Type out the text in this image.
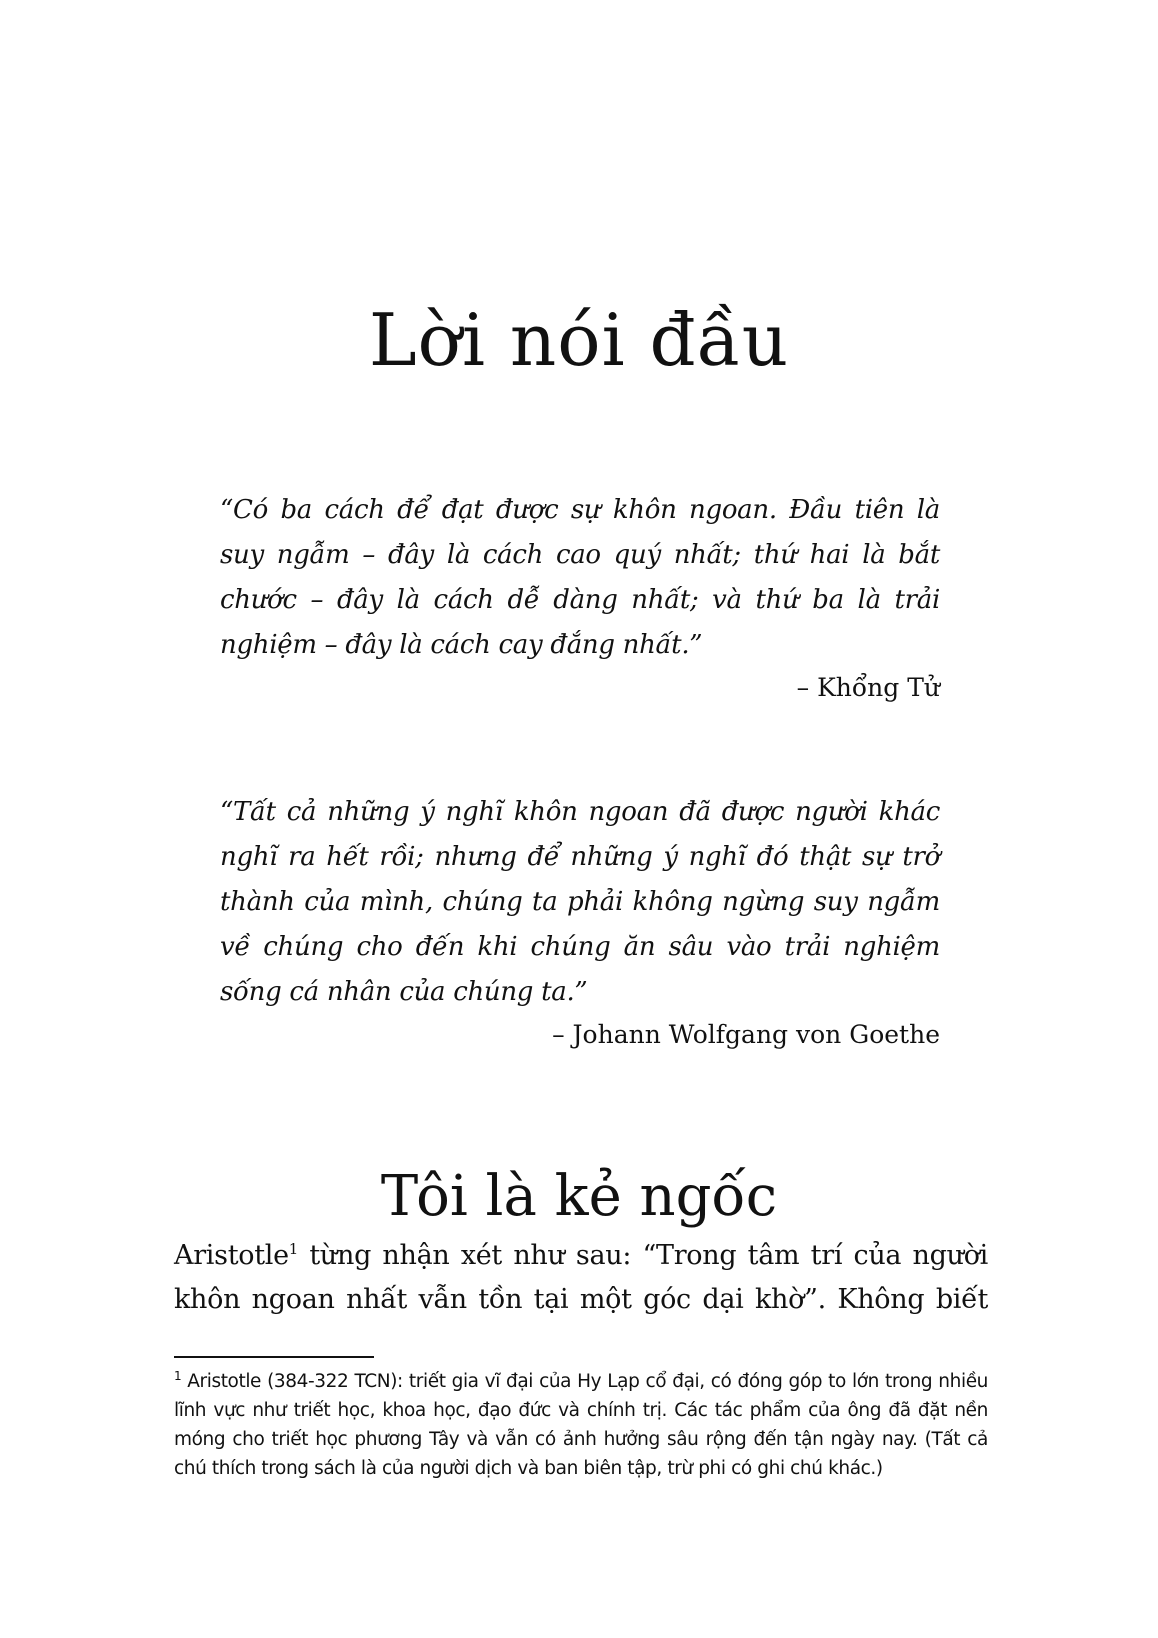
Lời nói đầu

“Có ba cách để đạt được sự khôn ngoan. Đầu tiên là suy ngẫm – đây là cách cao quý nhất; thứ hai là bắt chước – đây là cách dễ dàng nhất; và thứ ba là trải nghiệm – đây là cách cay đắng nhất.”

– Khổng Tử

“Tất cả những ý nghĩ khôn ngoan đã được người khác nghĩ ra hết rồi; nhưng để những ý nghĩ đó thật sự trở thành của mình, chúng ta phải không ngừng suy ngẫm về chúng cho đến khi chúng ăn sâu vào trải nghiệm sống cá nhân của chúng ta.”

– Johann Wolfgang von Goethe

Tôi là kẻ ngốc

Aristotle$^1$ từng nhận xét như sau: “Trong tâm trí của người khôn ngoan nhất vẫn tồn tại một góc dại khờ”. Không biết

$^1$ Aristotle (384-322 TCN): triết gia vĩ đại của Hy Lạp cổ đại, có đóng góp to lớn trong nhiều lĩnh vực như triết học, khoa học, đạo đức và chính trị. Các tác phẩm của ông đã đặt nền móng cho triết học phương Tây và vẫn có ảnh hưởng sâu rộng đến tận ngày nay. (Tất cả chú thích trong sách là của người dịch và ban biên tập, trừ phi có ghi chú khác.)
